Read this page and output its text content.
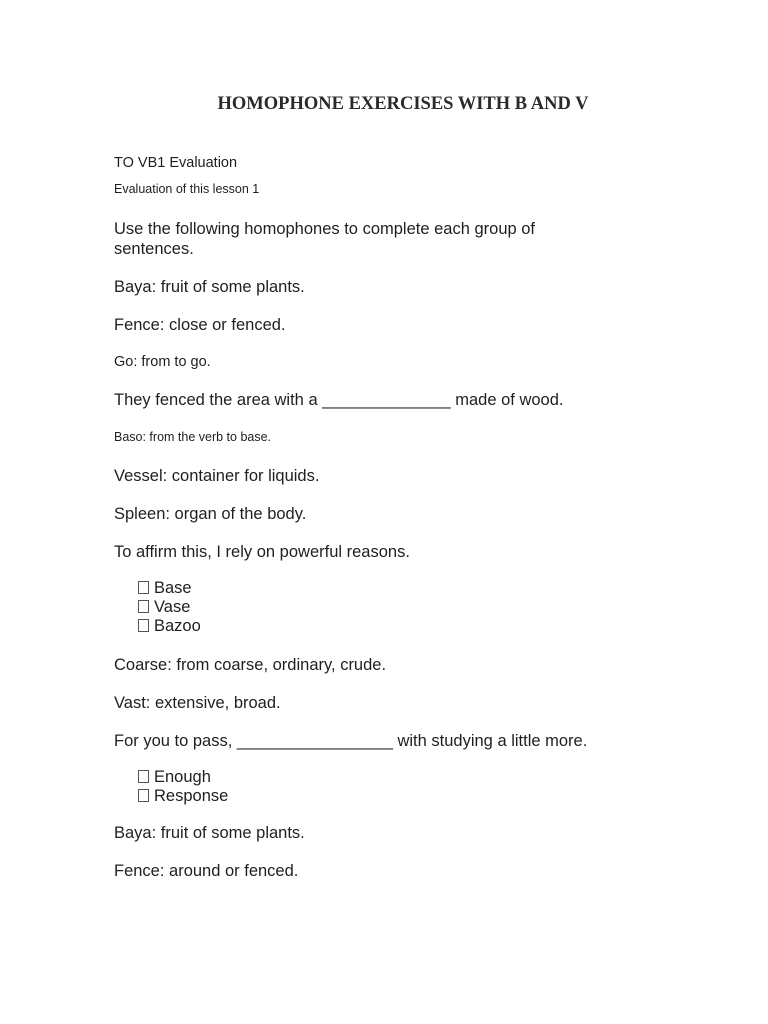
HOMOPHONE EXERCISES WITH B AND V

TO VB1 Evaluation

Evaluation of this lesson 1

Use the following homophones to complete each group of sentences.

Baya: fruit of some plants.

Fence: close or fenced.

Go: from to go.

They fenced the area with a ______________ made of wood.

Baso: from the verb to base.

Vessel: container for liquids.

Spleen: organ of the body.

To affirm this, I rely on powerful reasons.

Base
Vase
Bazoo

Coarse: from coarse, ordinary, crude.

Vast: extensive, broad.

For you to pass, _________________ with studying a little more.

Enough
Response

Baya: fruit of some plants.

Fence: around or fenced.
